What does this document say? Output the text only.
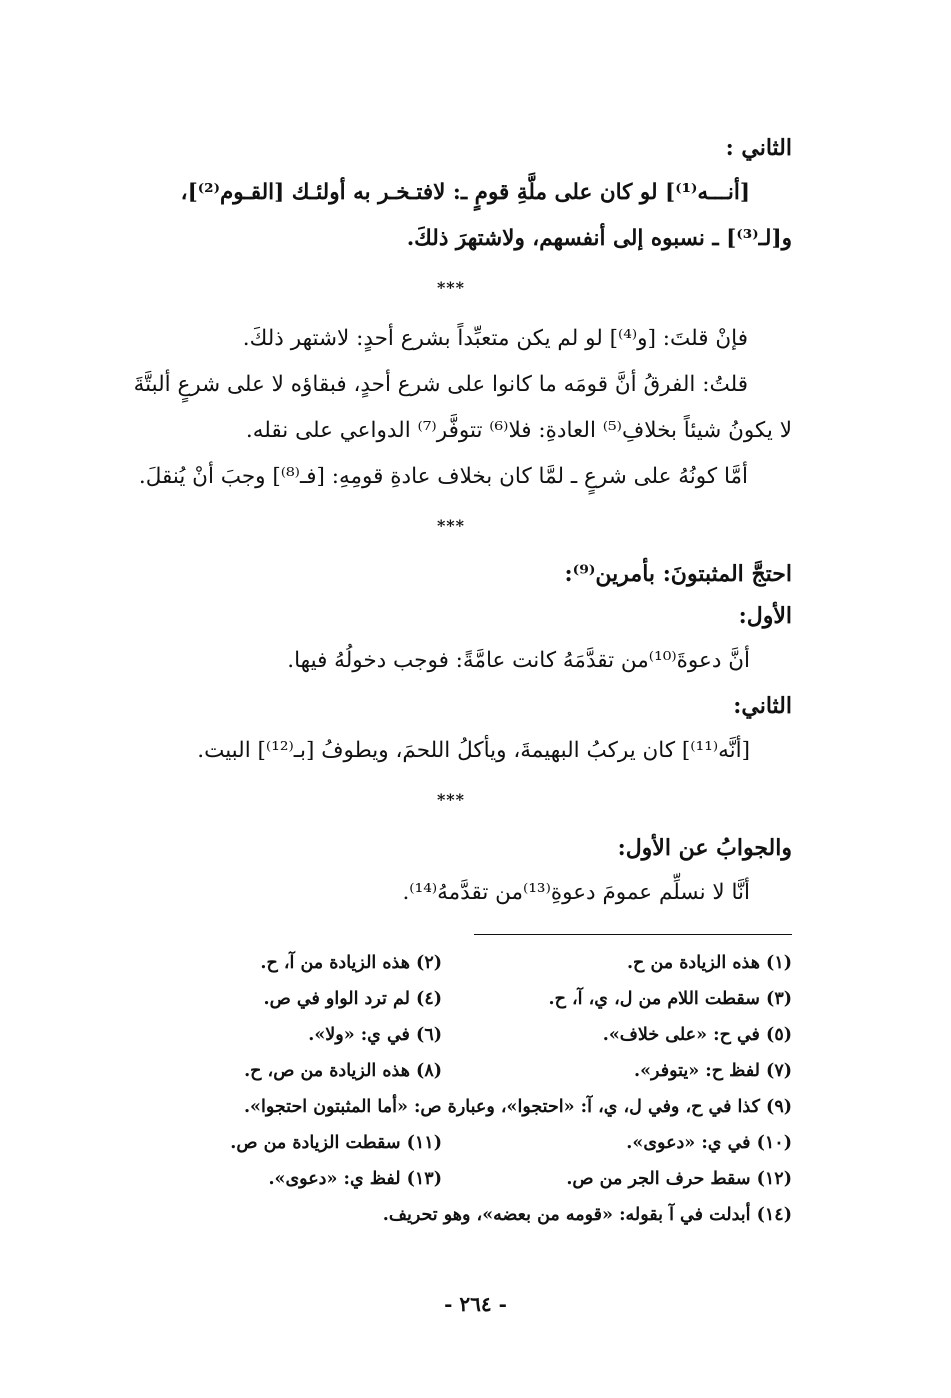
الثاني :
[أنـــه⁽¹⁾] لو كان على ملَّةِ قومٍ ـ: لافتـخـر به أولئـك [القـوم⁽²⁾]،
و[لـ⁽³⁾] ـ نسبوه إلى أنفسهم، ولاشتهرَ ذلكَ.
***
فإنْ قلتَ: [و⁽⁴⁾] لو لم يكن متعبِّداً بشرع أحدٍ: لاشتهر ذلكَ.
قلتُ: الفرقُ أنَّ قومَه ما كانوا على شرع أحدٍ، فبقاؤه لا على شرعٍ ألبتَّةَ
لا يكونُ شيئاً بخلافِ⁽⁵⁾ العادةِ: فلا⁽⁶⁾ تتوفَّر⁽⁷⁾ الدواعي على نقله.
أمَّا كونُهُ على شرعٍ ـ لمَّا كان بخلاف عادةِ قومِهِ: [فـ⁽⁸⁾] وجبَ أنْ يُنقلَ.
***
احتجَّ المثبتونَ: بأمرين⁽⁹⁾:
الأول:
أنَّ دعوةَ⁽¹⁰⁾من تقدَّمَهُ كانت عامَّةً: فوجب دخولُهُ فيها.
الثاني:
[أنَّه⁽¹¹⁾] كان يركبُ البهيمةَ، ويأكلُ اللحمَ، ويطوفُ [بـ⁽¹²⁾] البيت.
***
والجوابُ عن الأول:
أنَّا لا نسلِّم عمومَ دعوةِ⁽¹³⁾من تقدَّمهُ⁽¹⁴⁾.
(١) هذه الزيادة من ح.
(٢) هذه الزيادة من آ، ح.
(٣) سقطت اللام من ل، ي، آ، ح.
(٤) لم ترد الواو في ص.
(٥) في ح: «على خلاف».
(٦) في ي: «ولا».
(٧) لفظ ح: «يتوفر».
(٨) هذه الزيادة من ص، ح.
(٩) كذا في ح، وفي ل، ي، آ: «احتجوا»، وعبارة ص: «أما المثبتون احتجوا».
(١٠) في ي: «دعوى».
(١١) سقطت الزيادة من ص.
(١٢) سقط حرف الجر من ص.
(١٣) لفظ ي: «دعوى».
(١٤) أبدلت في آ بقوله: «قومه من بعضه»، وهو تحريف.
- ٢٦٤ -
